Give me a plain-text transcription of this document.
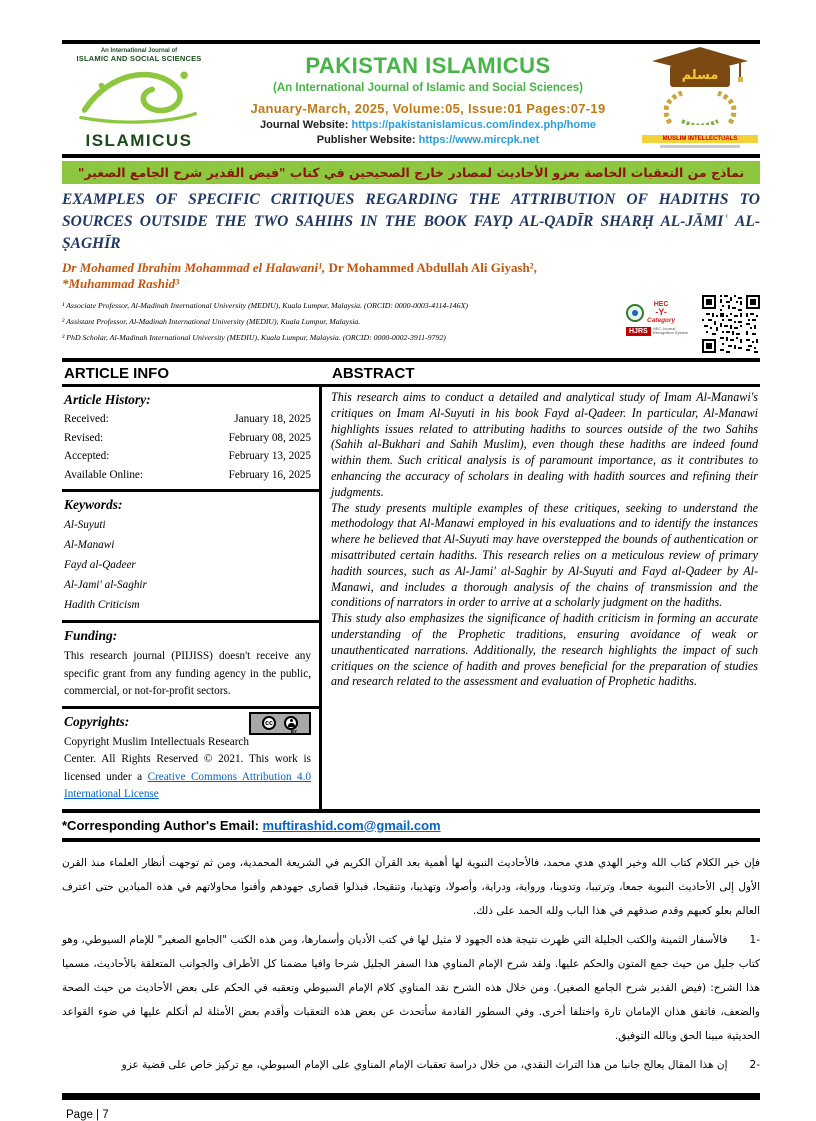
An International Journal of
ISLAMIC AND SOCIAL SCIENCES
ISLAMICUS
PAKISTAN ISLAMICUS
(An International Journal of Islamic and Social Sciences)
January-March, 2025, Volume:05, Issue:01 Pages:07-19
Journal Website: https://pakistanislamicus.com/index.php/home
Publisher Website: https://www.mircpk.net
مسلم
MUSLIM INTELLECTUALS
نماذج من التعقبات الخاصة بعزو الأحاديث لمصادر خارج الصحيحين في كتاب "فيض القدير شرح الجامع الصغير"
EXAMPLES OF SPECIFIC CRITIQUES REGARDING THE ATTRIBUTION OF HADITHS TO SOURCES OUTSIDE THE TWO SAHIHS IN THE BOOK FAYḌ AL-QADĪR SHARḤ AL-JĀMIʿ AL-ṢAGHĪR
Dr Mohamed Ibrahim Mohammad el Halawani¹, Dr Mohammed Abdullah Ali Giyash²,
*Muhammad Rashid³
¹ Associate Professor, Al-Madinah International University (MEDIU), Kuala Lumpur, Malaysia. (ORCID: 0000-0003-4114-146X)
² Assistant Professor, Al-Madinah International University (MEDIU), Kuala Lumpur, Malaysia.
³ PhD Scholar, Al-Madinah International University (MEDIU), Kuala Lumpur, Malaysia. (ORCID: 0000-0002-3911-9792)
HEC
-Y-
Category
HJRS	HEC Journal Recognition System
ARTICLE INFO	ABSTRACT
Article History:
Received:	January 18, 2025
Revised:	February 08, 2025
Accepted:	February 13, 2025
Available Online:	February 16, 2025
Keywords:
Al-Suyuti
Al-Manawi
Fayd al-Qadeer
Al-Jami' al-Saghir
Hadith Criticism
Funding:
This research journal (PIIJISS) doesn't receive any specific grant from any funding agency in the public, commercial, or not-for-profit sectors.
cc
BY
Copyrights:
Copyright Muslim Intellectuals Research Center. All Rights Reserved © 2021. This work is licensed under a Creative Commons Attribution 4.0 International License

This research aims to conduct a detailed and analytical study of Imam Al-Manawi's critiques on Imam Al-Suyuti in his book Fayd al-Qadeer. In particular, Al-Manawi highlights issues related to attributing hadiths to sources outside of the two Sahihs (Sahih al-Bukhari and Sahih Muslim), even though these hadiths are indeed found within them. Such critical analysis is of paramount importance, as it contributes to enhancing the accuracy of scholars in dealing with hadith sources and refining their judgments.

The study presents multiple examples of these critiques, seeking to understand the methodology that Al-Manawi employed in his evaluations and to identify the instances where he believed that Al-Suyuti may have overstepped the bounds of authentication or misattributed certain hadiths. This research relies on a meticulous review of primary hadith sources, such as Al-Jami' al-Saghir by Al-Suyuti and Fayd al-Qadeer by Al-Manawi, and includes a thorough analysis of the chains of transmission and the conditions of narrators in order to arrive at a scholarly judgment on the hadiths.

This study also emphasizes the significance of hadith criticism in forming an accurate understanding of the Prophetic traditions, ensuring avoidance of weak or unauthenticated narrations. Additionally, the research highlights the impact of such critiques on the science of hadith and proves beneficial for the preparation of studies and research related to the assessment and evaluation of Prophetic hadiths.

*Corresponding Author's Email: muftirashid.com@gmail.com

فإن خير الكلام كتاب الله وخير الهدي هدي محمد، فالأحاديث النبوية لها أهمية بعد القرآن الكريم في الشريعة المحمدية، ومن ثم توجهت أنظار العلماء منذ القرن الأول إلى الأحاديث النبوية جمعا، وترتيبا، وتدوينا، ورواية، ودراية، وأصولا، وتهذيبا، وتنقيحا، فبذلوا قصارى جهودهم وأفنوا محاولاتهم في هذه الميادين حتى اعترف العالم بعلو كعبهم وقدم صدقهم في هذا الباب ولله الحمد على ذلك.

1-فالأسفار الثمينة والكتب الجليلة التي ظهرت نتيجة هذه الجهود لا مثيل لها في كتب الأديان وأسمارها، ومن هذه الكتب "الجامع الصغير" للإمام السيوطي، وهو كتاب جليل من حيث جمع المتون والحكم عليها. ولقد شرح الإمام المناوي هذا السفر الجليل شرحا وافيا مضمنا كل الأطراف والجوانب المتعلقة بالأحاديث، مسميا هذا الشرح: (فيض القدير شرح الجامع الصغير). ومن خلال هذه الشرح نقد المناوي كلام الإمام السيوطي وتعقبه في الحكم على بعض الأحاديث من حيث الصحة والضعف، فاتفق هذان الإمامان تارة واختلفا أخرى. وفي السطور القادمة سأتحدث عن بعض هذه التعقبات وأقدم بعض الأمثلة لم أتكلم عليها في ضوء القواعد الحديثية مبينا الحق وبالله التوفيق.

2-إن هذا المقال يعالج جانبا من هذا التراث النقدي، من خلال دراسة تعقبات الإمام المناوي على الإمام السيوطي، مع تركيز خاص على قضية عزو

Page | 7
